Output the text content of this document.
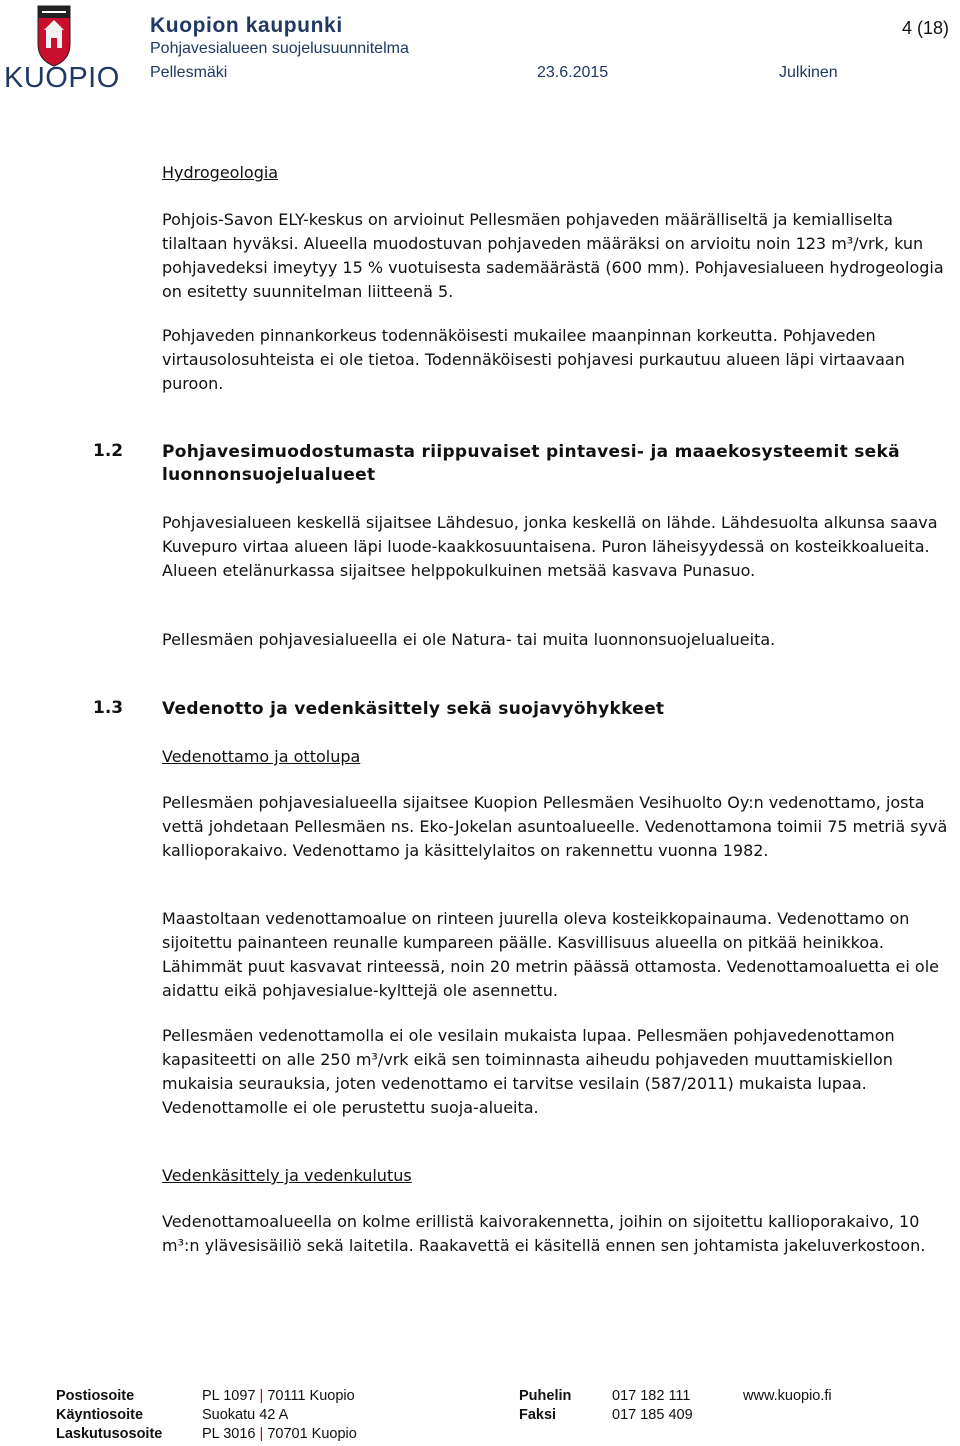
KUOPIO
Kuopion kaupunki
Pohjavesialueen suojelusuunnitelma
Pellesmäki	23.6.2015	Julkinen
4 (18)
Hydrogeologia

Pohjois-Savon ELY-keskus on arvioinut Pellesmäen pohjaveden määrälliseltä ja kemialliselta tilaltaan hyväksi. Alueella muodostuvan pohjaveden määräksi on arvioitu noin 123 m³/vrk, kun pohjavedeksi imeytyy 15 % vuotuisesta sademäärästä (600 mm). Pohjavesialueen hydrogeologia on esitetty suunnitelman liitteenä 5.

Pohjaveden pinnankorkeus todennäköisesti mukailee maanpinnan korkeutta. Pohjaveden virtausolosuhteista ei ole tietoa. Todennäköisesti pohjavesi purkautuu alueen läpi virtaavaan puroon.

1.2 Pohjavesimuodostumasta riippuvaiset pintavesi- ja maaekosysteemit sekä luonnonsuojelualueet

Pohjavesialueen keskellä sijaitsee Lähdesuo, jonka keskellä on lähde. Lähdesuolta alkunsa saava Kuvepuro virtaa alueen läpi luode-kaakkosuuntaisena. Puron läheisyydessä on kosteikkoalueita. Alueen etelänurkassa sijaitsee helppokulkuinen metsää kasvava Punasuo.

Pellesmäen pohjavesialueella ei ole Natura- tai muita luonnonsuojelualueita.

1.3 Vedenotto ja vedenkäsittely sekä suojavyöhykkeet
Vedenottamo ja ottolupa

Pellesmäen pohjavesialueella sijaitsee Kuopion Pellesmäen Vesihuolto Oy:n vedenottamo, josta vettä johdetaan Pellesmäen ns. Eko-Jokelan asuntoalueelle. Vedenottamona toimii 75 metriä syvä kallioporakaivo. Vedenottamo ja käsittelylaitos on rakennettu vuonna 1982.

Maastoltaan vedenottamoalue on rinteen juurella oleva kosteikkopainauma. Vedenottamo on sijoitettu painanteen reunalle kumpareen päälle. Kasvillisuus alueella on pitkää heinikkoa. Lähimmät puut kasvavat rinteessä, noin 20 metrin päässä ottamosta. Vedenottamoaluetta ei ole aidattu eikä pohjavesialue-kylttejä ole asennettu.

Pellesmäen vedenottamolla ei ole vesilain mukaista lupaa. Pellesmäen pohjavedenottamon kapasiteetti on alle 250 m³/vrk eikä sen toiminnasta aiheudu pohjaveden muuttamiskiellon mukaisia seurauksia, joten vedenottamo ei tarvitse vesilain (587/2011) mukaista lupaa. Vedenottamolle ei ole perustettu suoja-alueita.

Vedenkäsittely ja vedenkulutus

Vedenottamoalueella on kolme erillistä kaivorakennetta, joihin on sijoitettu kallioporakaivo, 10 m³:n ylävesisäiliö sekä laitetila. Raakavettä ei käsitellä ennen sen johtamista jakeluverkostoon.

Postiosoite	PL 1097 | 70111 Kuopio
Käyntiosoite	Suokatu 42 A
Laskutusosoite	PL 3016 | 70701 Kuopio
Puhelin	017 182 111
Faksi	017 185 409
www.kuopio.fi
